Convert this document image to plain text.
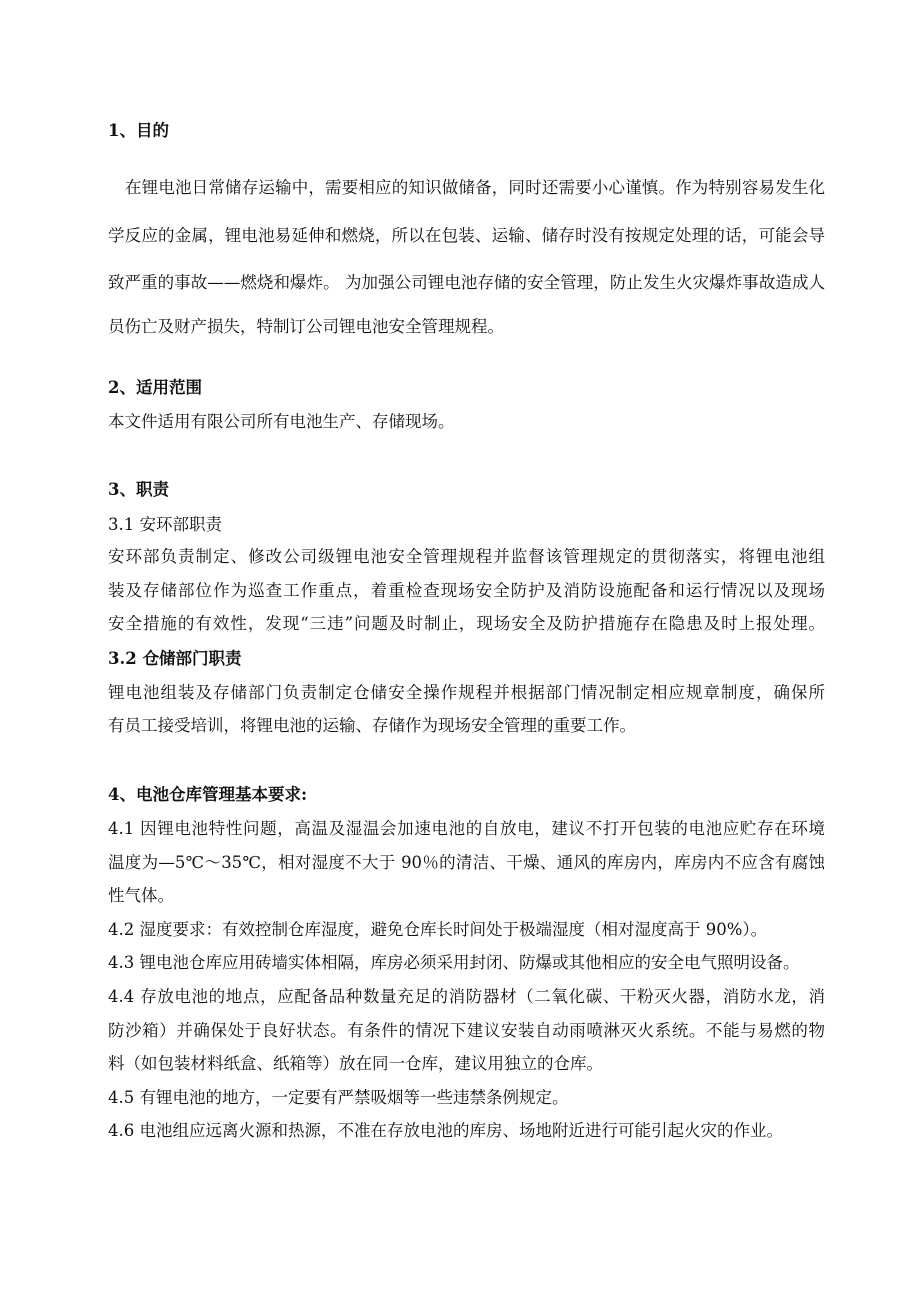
1、目的
在锂电池日常储存运输中，需要相应的知识做储备，同时还需要小心谨慎。作为特别容易发生化
学反应的金属，锂电池易延伸和燃烧，所以在包装、运输、储存时没有按规定处理的话，可能会导
致严重的事故——燃烧和爆炸。 为加强公司锂电池存储的安全管理，防止发生火灾爆炸事故造成人
员伤亡及财产损失，特制订公司锂电池安全管理规程。
2、适用范围
本文件适用有限公司所有电池生产、存储现场。
3、职责
3.1 安环部职责
安环部负责制定、修改公司级锂电池安全管理规程并监督该管理规定的贯彻落实，将锂电池组
装及存储部位作为巡查工作重点，着重检查现场安全防护及消防设施配备和运行情况以及现场
安全措施的有效性，发现“三违”问题及时制止，现场安全及防护措施存在隐患及时上报处理。
3.2 仓储部门职责
锂电池组装及存储部门负责制定仓储安全操作规程并根据部门情况制定相应规章制度，确保所
有员工接受培训，将锂电池的运输、存储作为现场安全管理的重要工作。
4、电池仓库管理基本要求:
4.1 因锂电池特性问题，高温及湿温会加速电池的自放电，建议不打开包装的电池应贮存在环境
温度为—5℃～35℃，相对湿度不大于 90％的清洁、干燥、通风的库房内，库房内不应含有腐蚀
性气体。
4.2 湿度要求：有效控制仓库湿度，避免仓库长时间处于极端湿度（相对湿度高于 90%）。
4.3 锂电池仓库应用砖墙实体相隔，库房必须采用封闭、防爆或其他相应的安全电气照明设备。
4.4 存放电池的地点，应配备品种数量充足的消防器材（二氧化碳、干粉灭火器，消防水龙，消
防沙箱）并确保处于良好状态。有条件的情况下建议安装自动雨喷淋灭火系统。不能与易燃的物
料（如包装材料纸盒、纸箱等）放在同一仓库，建议用独立的仓库。
4.5 有锂电池的地方，一定要有严禁吸烟等一些违禁条例规定。
4.6 电池组应远离火源和热源，不准在存放电池的库房、场地附近进行可能引起火灾的作业。
